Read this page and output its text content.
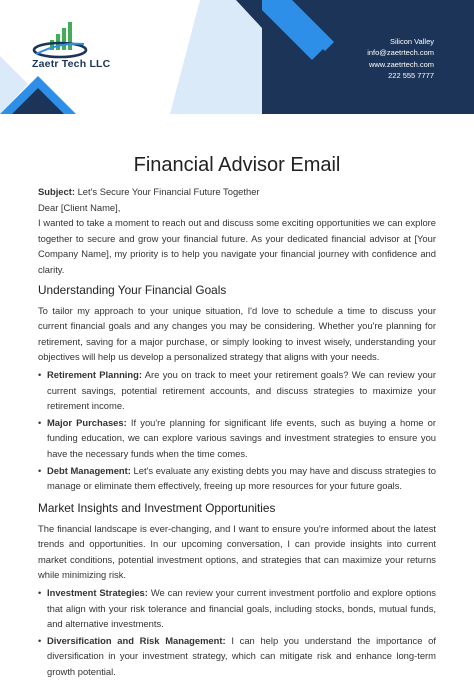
Zaetr Tech LLC
Silicon Valley
info@zaetrtech.com
www.zaetrtech.com
222 555 7777
Financial Advisor Email
Subject: Let's Secure Your Financial Future Together
Dear [Client Name],
I wanted to take a moment to reach out and discuss some exciting opportunities we can explore together to secure and grow your financial future. As your dedicated financial advisor at [Your Company Name], my priority is to help you navigate your financial journey with confidence and clarity.
Understanding Your Financial Goals
To tailor my approach to your unique situation, I'd love to schedule a time to discuss your current financial goals and any changes you may be considering. Whether you're planning for retirement, saving for a major purchase, or simply looking to invest wisely, understanding your objectives will help us develop a personalized strategy that aligns with your needs.
• Retirement Planning: Are you on track to meet your retirement goals? We can review your current savings, potential retirement accounts, and discuss strategies to maximize your retirement income.
• Major Purchases: If you're planning for significant life events, such as buying a home or funding education, we can explore various savings and investment strategies to ensure you have the necessary funds when the time comes.
• Debt Management: Let's evaluate any existing debts you may have and discuss strategies to manage or eliminate them effectively, freeing up more resources for your future goals.
Market Insights and Investment Opportunities
The financial landscape is ever-changing, and I want to ensure you're informed about the latest trends and opportunities. In our upcoming conversation, I can provide insights into current market conditions, potential investment options, and strategies that can maximize your returns while minimizing risk.
• Investment Strategies: We can review your current investment portfolio and explore options that align with your risk tolerance and financial goals, including stocks, bonds, mutual funds, and alternative investments.
• Diversification and Risk Management: I can help you understand the importance of diversification in your investment strategy, which can mitigate risk and enhance long-term growth potential.
